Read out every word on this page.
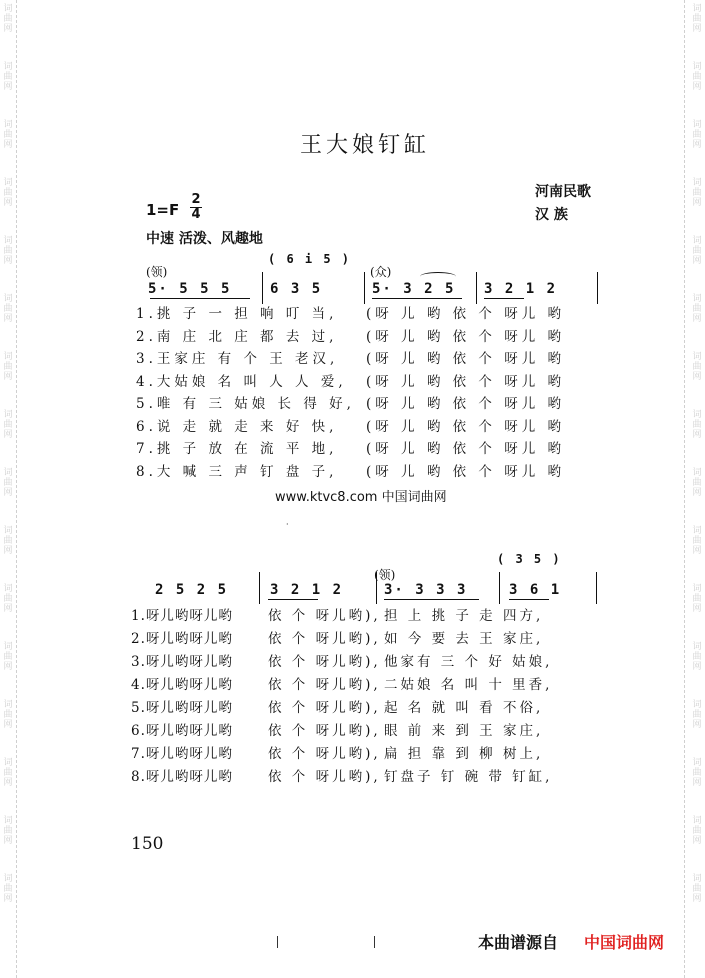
词
曲
网
词
曲
网
词
曲
网
词
曲
网
词
曲
网
词
曲
网
词
曲
网
词
曲
网
词
曲
网
词
曲
网
词
曲
网
词
曲
网
词
曲
网
词
曲
网
词
曲
网
词
曲
网
词
曲
网
词
曲
网
词
曲
网
词
曲
网
词
曲
网
词
曲
网
词
曲
网
词
曲
网
词
曲
网
词
曲
网
词
曲
网
词
曲
网
词
曲
网
词
曲
网
词
曲
网
词
曲
网
王大娘钉缸
河南民歌
汉 族
1=F
2
4
中速 活泼、风趣地
( 6 i 5 )
(领)	(众)
5· 5 5 5	6 3 5	5· 3 2 5 3 2 1 2
1.挑 子 一 担 响 叮 当, (呀 儿 哟 依 个 呀儿 哟
2.南 庄 北 庄 都 去 过, (呀 儿 哟 依 个 呀儿 哟
3.王家庄 有 个 王 老汉, (呀 儿 哟 依 个 呀儿 哟
4.大姑娘 名 叫 人 人 爱, (呀 儿 哟 依 个 呀儿 哟
5.唯 有 三 姑娘 长 得 好, (呀 儿 哟 依 个 呀儿 哟
6.说 走 就 走 来 好 快, (呀 儿 哟 依 个 呀儿 哟
7.挑 子 放 在 流 平 地, (呀 儿 哟 依 个 呀儿 哟
8.大 喊 三 声 钉 盘 子, (呀 儿 哟 依 个 呀儿 哟
www.ktvc8.com 中国词曲网
·
( 3 5 )
(领)
2 5 2 5	3 2 1 2	3· 3 3 3	3 6 1
1.呀儿哟呀儿哟	依 个 呀儿哟), 担 上 挑 子 走 四方,
2.呀儿哟呀儿哟	依 个 呀儿哟), 如 今 要 去 王 家庄,
3.呀儿哟呀儿哟	依 个 呀儿哟), 他家有 三 个 好 姑娘,
4.呀儿哟呀儿哟	依 个 呀儿哟), 二姑娘 名 叫 十 里香,
5.呀儿哟呀儿哟	依 个 呀儿哟), 起 名 就 叫 看 不俗,
6.呀儿哟呀儿哟	依 个 呀儿哟), 眼 前 来 到 王 家庄,
7.呀儿哟呀儿哟	依 个 呀儿哟), 扁 担 靠 到 柳 树上,
8.呀儿哟呀儿哟	依 个 呀儿哟), 钉盘子 钉 碗 带 钉缸,
150
本曲谱源自 中国词曲网
